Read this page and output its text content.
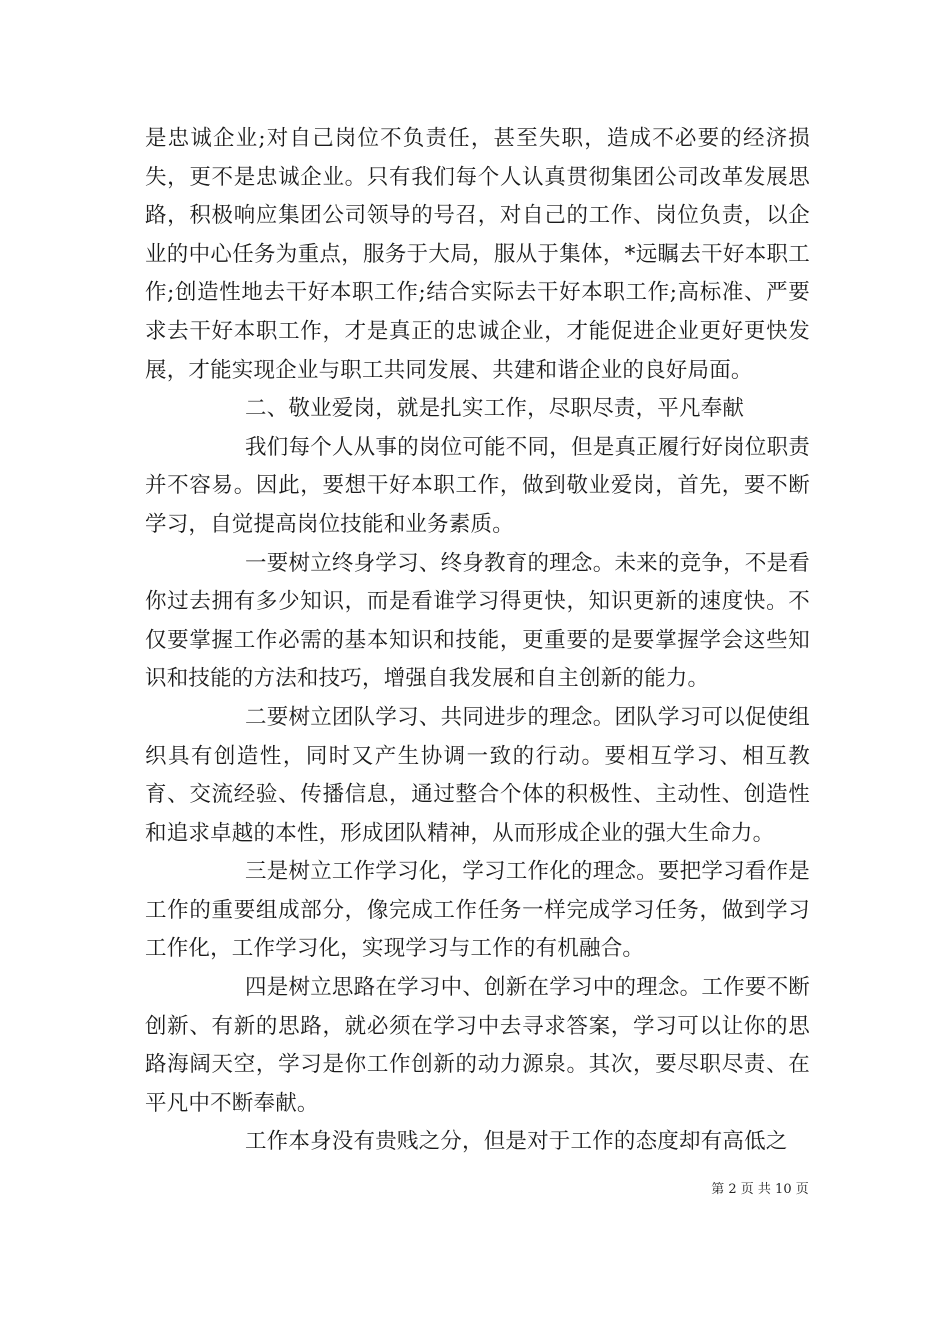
是忠诚企业;对自己岗位不负责任，甚至失职，造成不必要的经济损失，更不是忠诚企业。只有我们每个人认真贯彻集团公司改革发展思路，积极响应集团公司领导的号召，对自己的工作、岗位负责，以企业的中心任务为重点，服务于大局，服从于集体，*远瞩去干好本职工作;创造性地去干好本职工作;结合实际去干好本职工作;高标准、严要求去干好本职工作，才是真正的忠诚企业，才能促进企业更好更快发展，才能实现企业与职工共同发展、共建和谐企业的良好局面。

二、敬业爱岗，就是扎实工作，尽职尽责，平凡奉献

我们每个人从事的岗位可能不同，但是真正履行好岗位职责并不容易。因此，要想干好本职工作，做到敬业爱岗，首先，要不断学习，自觉提高岗位技能和业务素质。

一要树立终身学习、终身教育的理念。未来的竞争，不是看你过去拥有多少知识，而是看谁学习得更快，知识更新的速度快。不仅要掌握工作必需的基本知识和技能，更重要的是要掌握学会这些知识和技能的方法和技巧，增强自我发展和自主创新的能力。

二要树立团队学习、共同进步的理念。团队学习可以促使组织具有创造性，同时又产生协调一致的行动。要相互学习、相互教育、交流经验、传播信息，通过整合个体的积极性、主动性、创造性和追求卓越的本性，形成团队精神，从而形成企业的强大生命力。

三是树立工作学习化，学习工作化的理念。要把学习看作是工作的重要组成部分，像完成工作任务一样完成学习任务，做到学习工作化，工作学习化，实现学习与工作的有机融合。

四是树立思路在学习中、创新在学习中的理念。工作要不断创新、有新的思路，就必须在学习中去寻求答案，学习可以让你的思路海阔天空，学习是你工作创新的动力源泉。其次，要尽职尽责、在平凡中不断奉献。

工作本身没有贵贱之分，但是对于工作的态度却有高低之

第 2 页 共 10 页
